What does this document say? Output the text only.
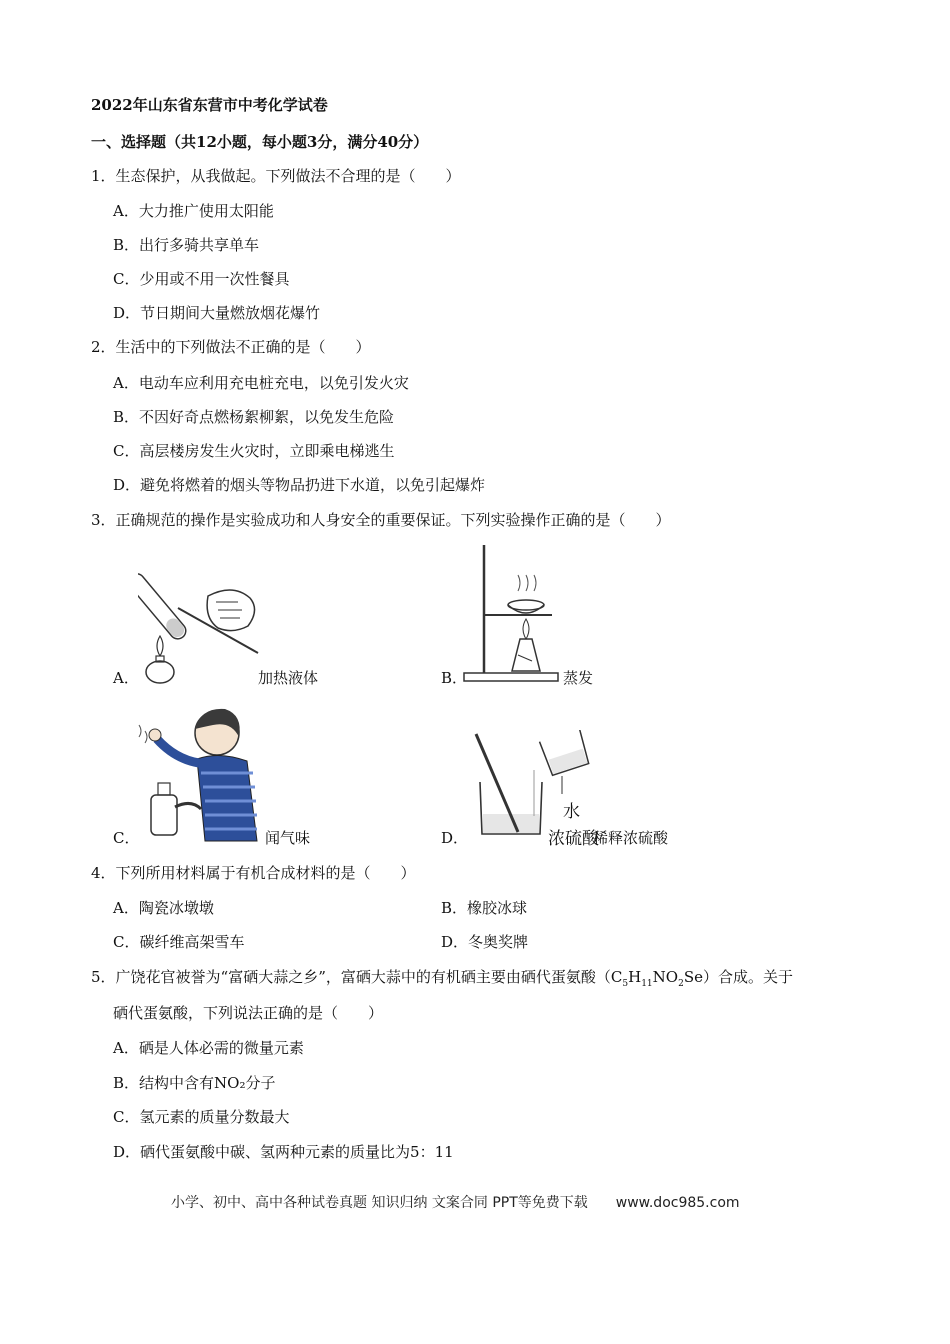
2022年山东省东营市中考化学试卷
一、选择题（共12小题，每小题3分，满分40分）
1．生态保护，从我做起。下列做法不合理的是（　　）
A．大力推广使用太阳能
B．出行多骑共享单车
C．少用或不用一次性餐具
D．节日期间大量燃放烟花爆竹
2．生活中的下列做法不正确的是（　　）
A．电动车应利用充电桩充电，以免引发火灾
B．不因好奇点燃杨絮柳絮，以免发生危险
C．高层楼房发生火灾时，立即乘电梯逃生
D．避免将燃着的烟头等物品扔进下水道，以免引起爆炸
3．正确规范的操作是实验成功和人身安全的重要保证。下列实验操作正确的是（　　）
A．	加热液体	B．	蒸发
C．	闻气味	D．
水
浓硫酸
稀释浓硫酸
4．下列所用材料属于有机合成材料的是（　　）
A．陶瓷冰墩墩	B．橡胶冰球
C．碳纤维高架雪车	D．冬奥奖牌
5．广饶花官被誉为“富硒大蒜之乡”，富硒大蒜中的有机硒主要由硒代蛋氨酸$(C_5H_{11}NO_2Se)$合成。关于
硒代蛋氨酸，下列说法正确的是（　　）
A．硒是人体必需的微量元素
B．结构中含有NO₂分子
C．氢元素的质量分数最大
D．硒代蛋氨酸中碳、氢两种元素的质量比为5：11
小学、初中、高中各种试卷真题 知识归纳 文案合同 PPT等免费下载　　www.doc985.com
